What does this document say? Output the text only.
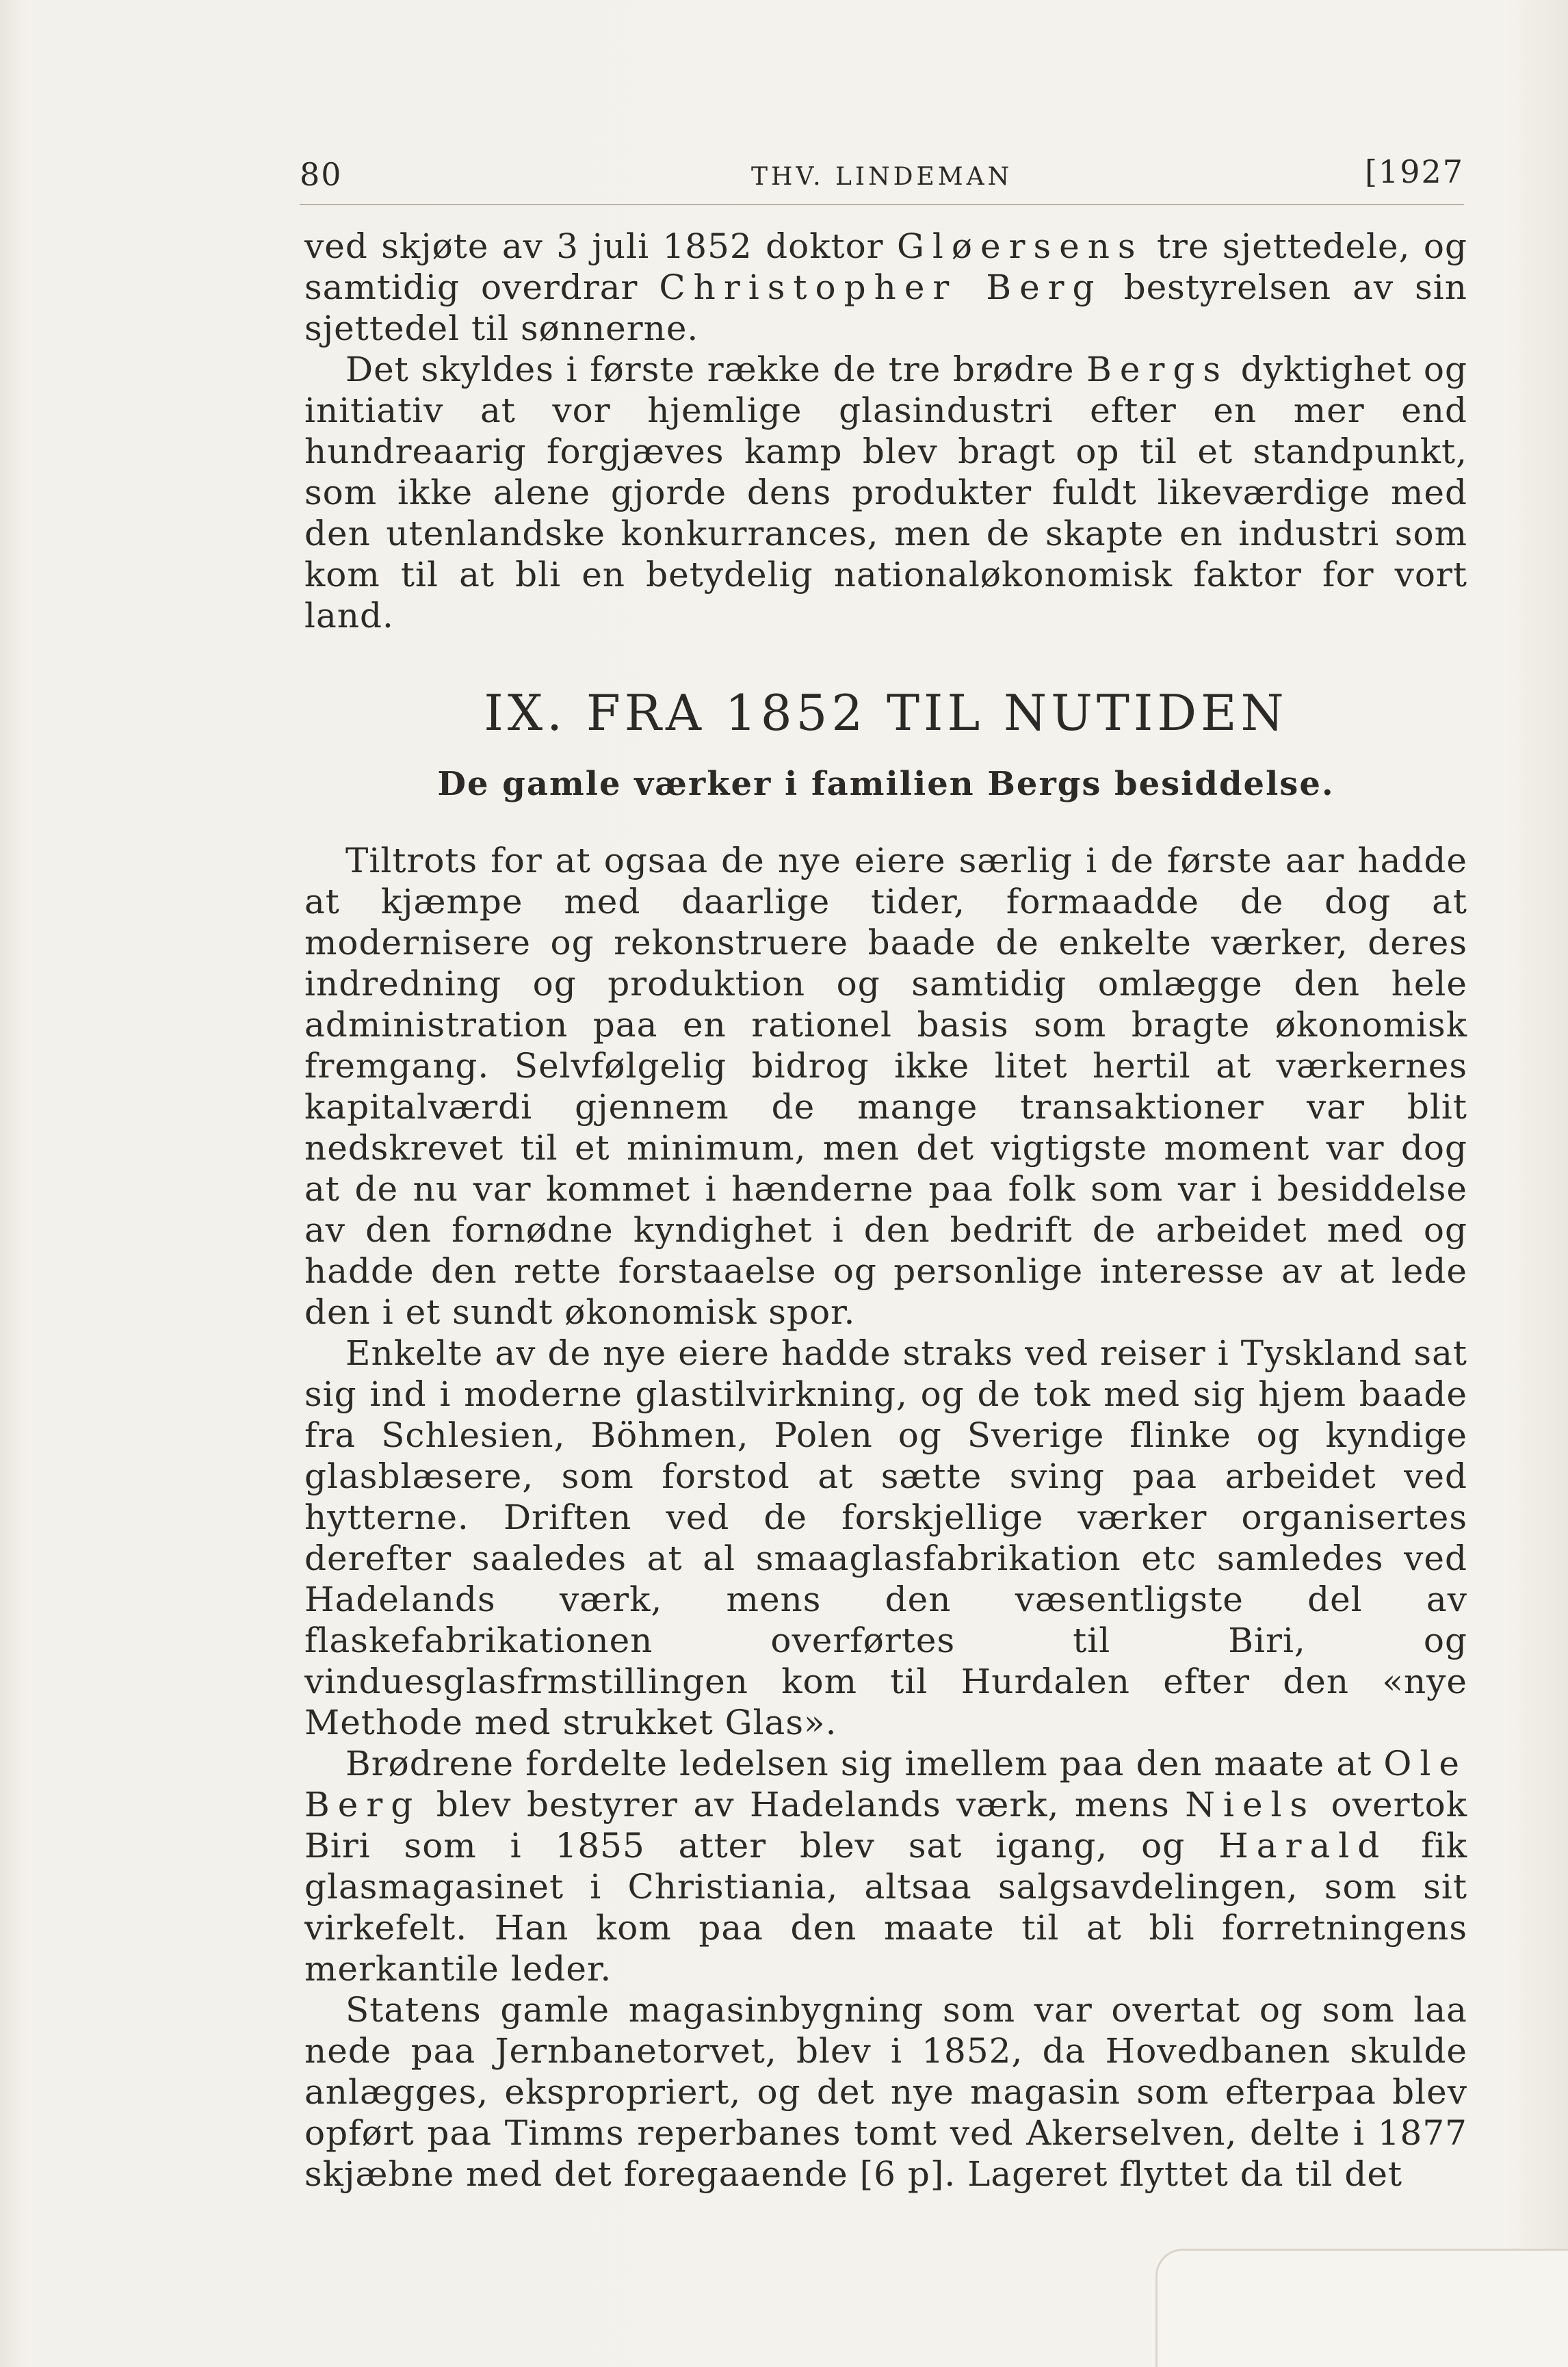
80	THV. LINDEMAN	[1927

ved skjøte av 3 juli 1852 doktor Gløersens tre sjettedele, og samtidig overdrar Christopher Berg bestyrelsen av sin sjettedel til sønnerne.

Det skyldes i første række de tre brødre Bergs dyktighet og initiativ at vor hjemlige glasindustri efter en mer end hundreaarig forgjæves kamp blev bragt op til et standpunkt, som ikke alene gjorde dens produkter fuldt likeværdige med den utenlandske konkurrances, men de skapte en industri som kom til at bli en betydelig nationaløkonomisk faktor for vort land.

IX. FRA 1852 TIL NUTIDEN
De gamle værker i familien Bergs besiddelse.

Tiltrots for at ogsaa de nye eiere særlig i de første aar hadde at kjæmpe med daarlige tider, formaadde de dog at modernisere og rekonstruere baade de enkelte værker, deres indredning og produktion og samtidig omlægge den hele administration paa en rationel basis som bragte økonomisk fremgang. Selvfølgelig bidrog ikke litet hertil at værkernes kapitalværdi gjennem de mange transaktioner var blit nedskrevet til et minimum, men det vigtigste moment var dog at de nu var kommet i hænderne paa folk som var i besiddelse av den fornødne kyndighet i den bedrift de arbeidet med og hadde den rette forstaaelse og personlige interesse av at lede den i et sundt økonomisk spor.

Enkelte av de nye eiere hadde straks ved reiser i Tyskland sat sig ind i moderne glastilvirkning, og de tok med sig hjem baade fra Schlesien, Böhmen, Polen og Sverige flinke og kyndige glasblæsere, som forstod at sætte sving paa arbeidet ved hytterne. Driften ved de forskjellige værker organisertes derefter saaledes at al smaaglasfabrikation etc samledes ved Hadelands værk, mens den væsentligste del av flaskefabrikationen overførtes til Biri, og vinduesglasfrmstillingen kom til Hurdalen efter den «nye Methode med strukket Glas».

Brødrene fordelte ledelsen sig imellem paa den maate at Ole Berg blev bestyrer av Hadelands værk, mens Niels overtok Biri som i 1855 atter blev sat igang, og Harald fik glasmagasinet i Christiania, altsaa salgsavdelingen, som sit virkefelt. Han kom paa den maate til at bli forretningens merkantile leder.

Statens gamle magasinbygning som var overtat og som laa nede paa Jernbanetorvet, blev i 1852, da Hovedbanen skulde anlægges, ekspropriert, og det nye magasin som efterpaa blev opført paa Timms reperbanes tomt ved Akerselven, delte i 1877 skjæbne med det foregaaende [6 p]. Lageret flyttet da til det
